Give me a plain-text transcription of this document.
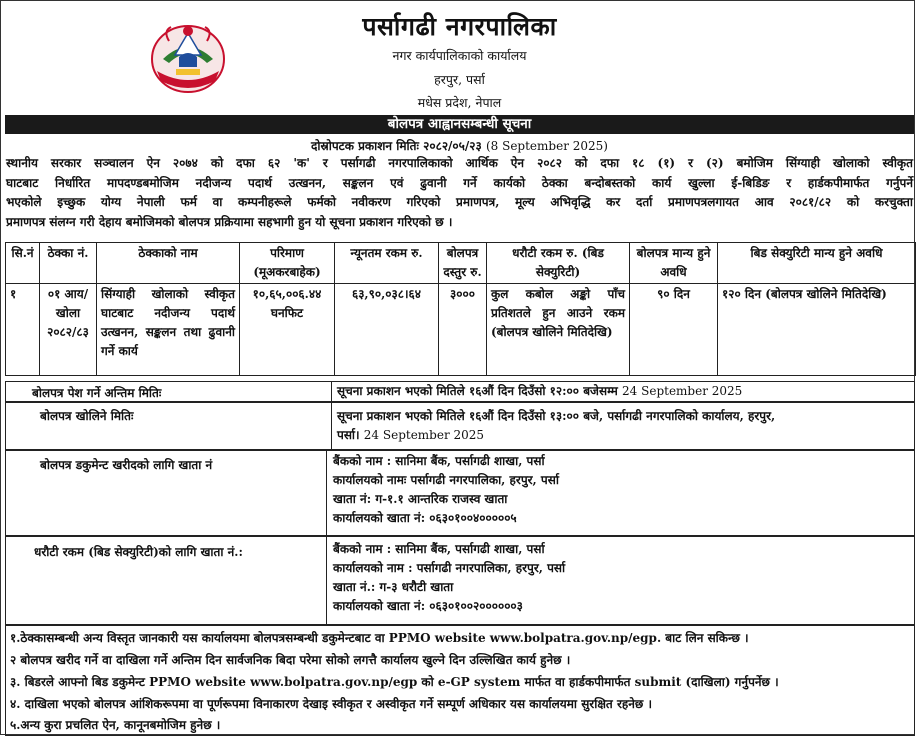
पर्सागढी नगरपालिका
नगर कार्यपालिकाको कार्यालय
हरपुर, पर्सा
मधेस प्रदेश, नेपाल
बोलपत्र आह्वानसम्बन्धी सूचना
दोस्रोपटक प्रकाशन मितिः २०८२/०५/२३ (8 September 2025)
स्थानीय सरकार सञ्चालन ऐन २०७४ को दफा ६२ 'क' र पर्सागढी नगरपालिकाको आर्थिक ऐन २०८२ को दफा १८ (१) र (२) बमोजिम सिंग्याही खोलाको स्वीकृत
घाटबाट निर्धारित मापदण्डबमोजिम नदीजन्य पदार्थ उत्खनन, सङ्कलन एवं ढुवानी गर्ने कार्यको ठेक्का बन्दोबस्तको कार्य खुल्ला ई-बिडिङ र हार्डकपीमार्फत गर्नुपर्ने
भएकोले इच्छुक योग्य नेपाली फर्म वा कम्पनीहरूले फर्मको नवीकरण गरिएको प्रमाणपत्र, मूल्य अभिवृद्धि कर दर्ता प्रमाणपत्रलगायत आव २०८१/८२ को करचुक्ता
प्रमाणपत्र संलग्न गरी देहाय बमोजिमको बोलपत्र प्रक्रियामा सहभागी हुन यो सूचना प्रकाशन गरिएको छ ।
सि.नं	ठेक्का नं.	ठेक्काको नाम	परिमाण (मूअकरबाहेक)	न्यूनतम रकम रु.	बोलपत्र दस्तुर रु.	धरौटी रकम रु. (बिड सेक्युरिटी)	बोलपत्र मान्य हुने अवधि	बिड सेक्युरिटी मान्य हुने अवधि
१	०१ आय/खोला २०८२/८३	सिंग्याही खोलाको स्वीकृत घाटबाट नदीजन्य पदार्थ उत्खनन, सङ्कलन तथा ढुवानी गर्ने कार्य	१०,६५,००६.४४ घनफिट	६३,९०,०३८।६४	३०००	कुल कबोल अङ्को पाँच प्रतिशतले हुन आउने रकम (बोलपत्र खोलिने मितिदेखि)	९० दिन	१२० दिन (बोलपत्र खोलिने मितिदेखि)
बोलपत्र पेश गर्ने अन्तिम मितिः	सूचना प्रकाशन भएको मितिले १६औं दिन दिउँसो १२:०० बजेसम्म 24 September 2025
बोलपत्र खोलिने मितिः	सूचना प्रकाशन भएको मितिले १६औं दिन दिउँसो १३:०० बजे, पर्सागढी नगरपालिको कार्यालय, हरपुर,
पर्सा। 24 September 2025
बोलपत्र डकुमेन्ट खरीदको लागि खाता नं	बैंकको नाम : सानिमा बैंक, पर्सागढी शाखा, पर्सा
कार्यालयको नामः पर्सागढी नगरपालिका, हरपुर, पर्सा
खाता नं: ग-१.१ आन्तरिक राजस्व खाता
कार्यालयको खाता नं: ०६३०१००४०००००५
धरौटी रकम (बिड सेक्युरिटी)को लागि खाता नं.:	बैंकको नाम : सानिमा बैंक, पर्सागढी शाखा, पर्सा
कार्यालयको नाम : पर्सागढी नगरपालिका, हरपुर, पर्सा
खाता नं.: ग-३ धरौटी खाता
कार्यालयको खाता नं: ०६३०१००२००००००३
१.ठेक्कासम्बन्धी अन्य विस्तृत जानकारी यस कार्यालयमा बोलपत्रसम्बन्धी डकुमेन्टबाट वा PPMO website www.bolpatra.gov.np/egp. बाट लिन सकिन्छ ।
२ बोलपत्र खरीद गर्ने वा दाखिला गर्ने अन्तिम दिन सार्वजनिक बिदा परेमा सोको लगत्तै कार्यालय खुल्ने दिन उल्लिखित कार्य हुनेछ ।
३. बिडरले आफ्नो बिड डकुमेन्ट PPMO website www.bolpatra.gov.np/egp को e-GP system मार्फत वा हार्डकपीमार्फत submit (दाखिला) गर्नुपर्नेछ ।
४. दाखिला भएको बोलपत्र आंशिकरूपमा वा पूर्णरूपमा विनाकारण देखाइ स्वीकृत र अस्वीकृत गर्ने सम्पूर्ण अधिकार यस कार्यालयमा सुरक्षित रहनेछ ।
५.अन्य कुरा प्रचलित ऐन, कानूनबमोजिम हुनेछ ।
